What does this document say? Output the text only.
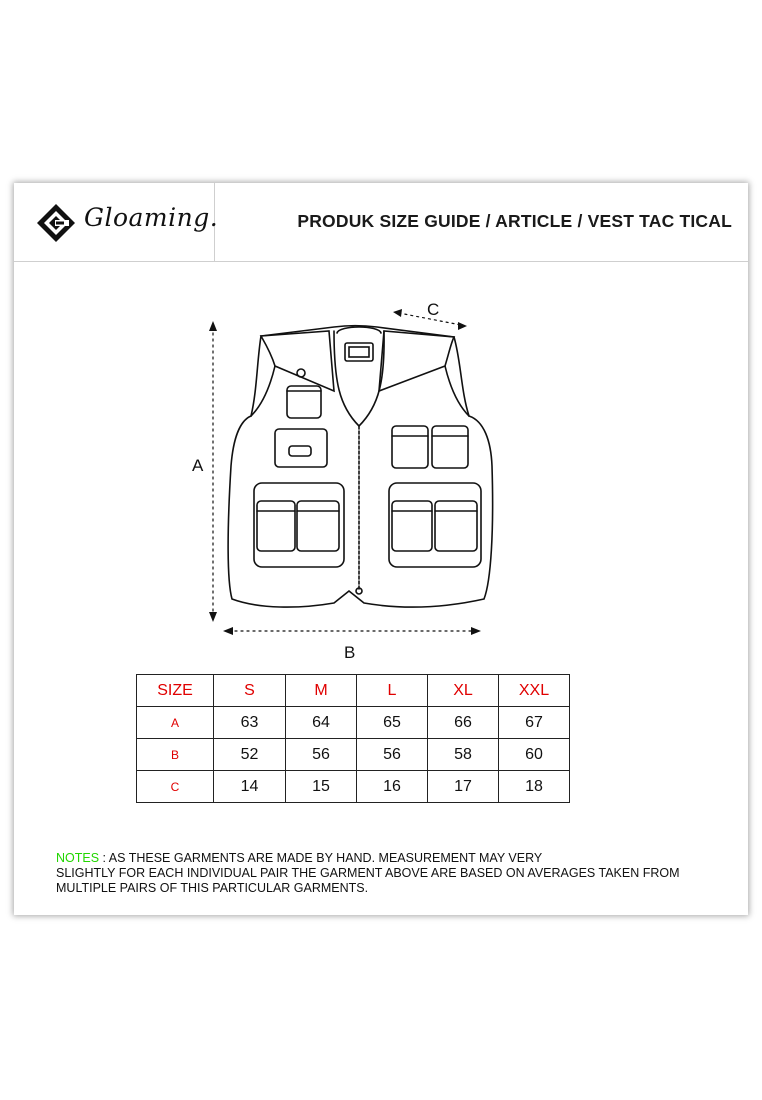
Gloaming.	PRODUK SIZE GUIDE / ARTICLE / VEST TAC TICAL
A
B
C
SIZE	S	M	L	XL	XXL
A	63	64	65	66	67
B	52	56	56	58	60
C	14	15	16	17	18
NOTES : AS THESE GARMENTS ARE MADE BY HAND. MEASUREMENT MAY VERY
SLIGHTLY FOR EACH INDIVIDUAL PAIR THE GARMENT ABOVE ARE BASED ON AVERAGES TAKEN FROM
MULTIPLE PAIRS OF THIS PARTICULAR GARMENTS.
